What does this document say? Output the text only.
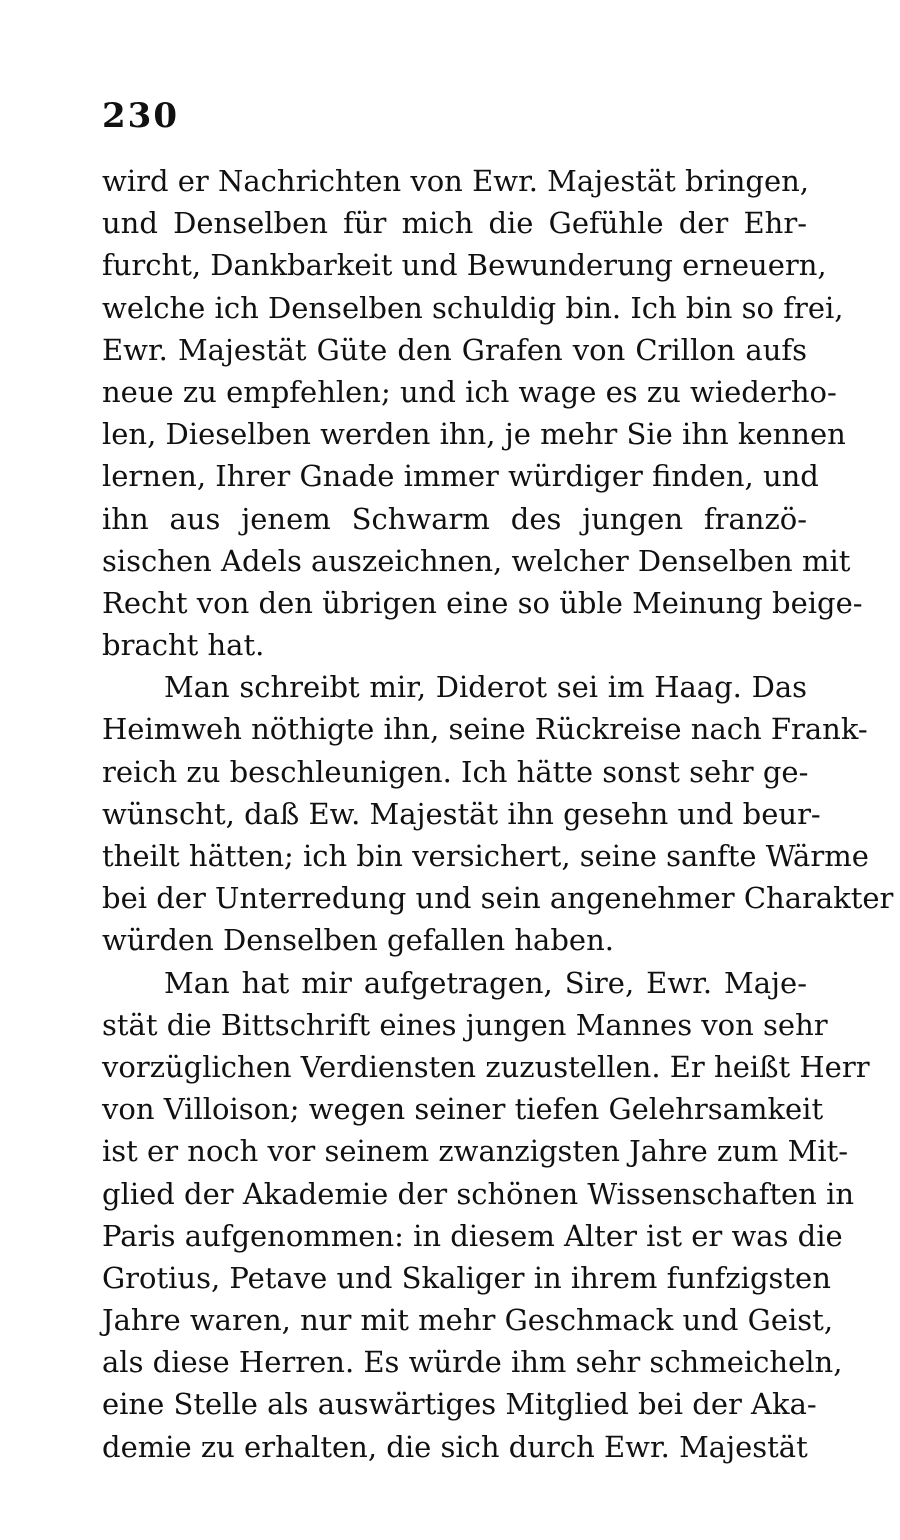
230
wird er Nachrichten von Ewr. Majestät bringen,
und Denselben für mich die Gefühle der Ehr-
furcht, Dankbarkeit und Bewunderung erneuern,
welche ich Denselben schuldig bin. Ich bin so frei,
Ewr. Majestät Güte den Grafen von Crillon aufs
neue zu empfehlen; und ich wage es zu wiederho-
len, Dieselben werden ihn, je mehr Sie ihn kennen
lernen, Ihrer Gnade immer würdiger finden, und
ihn aus jenem Schwarm des jungen franzö-
sischen Adels auszeichnen, welcher Denselben mit
Recht von den übrigen eine so üble Meinung beige-
bracht hat.
Man schreibt mir, Diderot sei im Haag. Das
Heimweh nöthigte ihn, seine Rückreise nach Frank-
reich zu beschleunigen. Ich hätte sonst sehr ge-
wünscht, daß Ew. Majestät ihn gesehn und beur-
theilt hätten; ich bin versichert, seine sanfte Wärme
bei der Unterredung und sein angenehmer Charakter
würden Denselben gefallen haben.
Man hat mir aufgetragen, Sire, Ewr. Maje-
stät die Bittschrift eines jungen Mannes von sehr
vorzüglichen Verdiensten zuzustellen. Er heißt Herr
von Villoison; wegen seiner tiefen Gelehrsamkeit
ist er noch vor seinem zwanzigsten Jahre zum Mit-
glied der Akademie der schönen Wissenschaften in
Paris aufgenommen: in diesem Alter ist er was die
Grotius, Petave und Skaliger in ihrem funfzigsten
Jahre waren, nur mit mehr Geschmack und Geist,
als diese Herren. Es würde ihm sehr schmeicheln,
eine Stelle als auswärtiges Mitglied bei der Aka-
demie zu erhalten, die sich durch Ewr. Majestät
